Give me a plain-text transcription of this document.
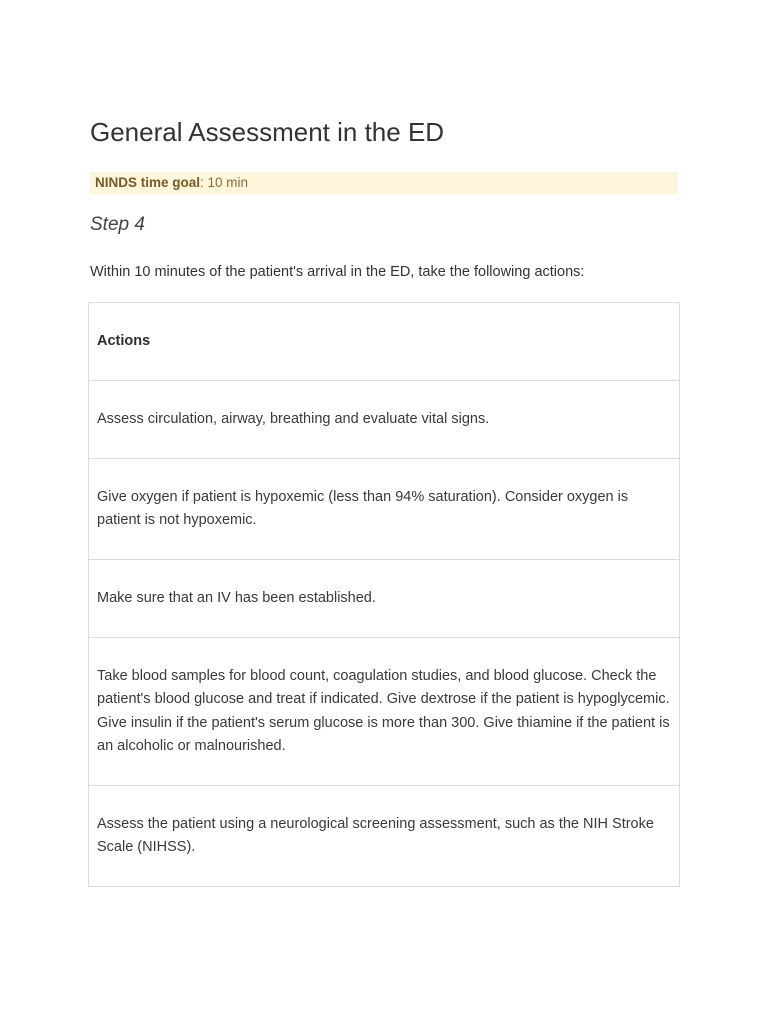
General Assessment in the ED
NINDS time goal: 10 min
Step 4

Within 10 minutes of the patient's arrival in the ED, take the following actions:

Actions
Assess circulation, airway, breathing and evaluate vital signs.
Give oxygen if patient is hypoxemic (less than 94% saturation). Consider oxygen is patient is not hypoxemic.
Make sure that an IV has been established.
Take blood samples for blood count, coagulation studies, and blood glucose. Check the patient's blood glucose and treat if indicated. Give dextrose if the patient is hypoglycemic. Give insulin if the patient's serum glucose is more than 300. Give thiamine if the patient is an alcoholic or malnourished.
Assess the patient using a neurological screening assessment, such as the NIH Stroke Scale (NIHSS).
